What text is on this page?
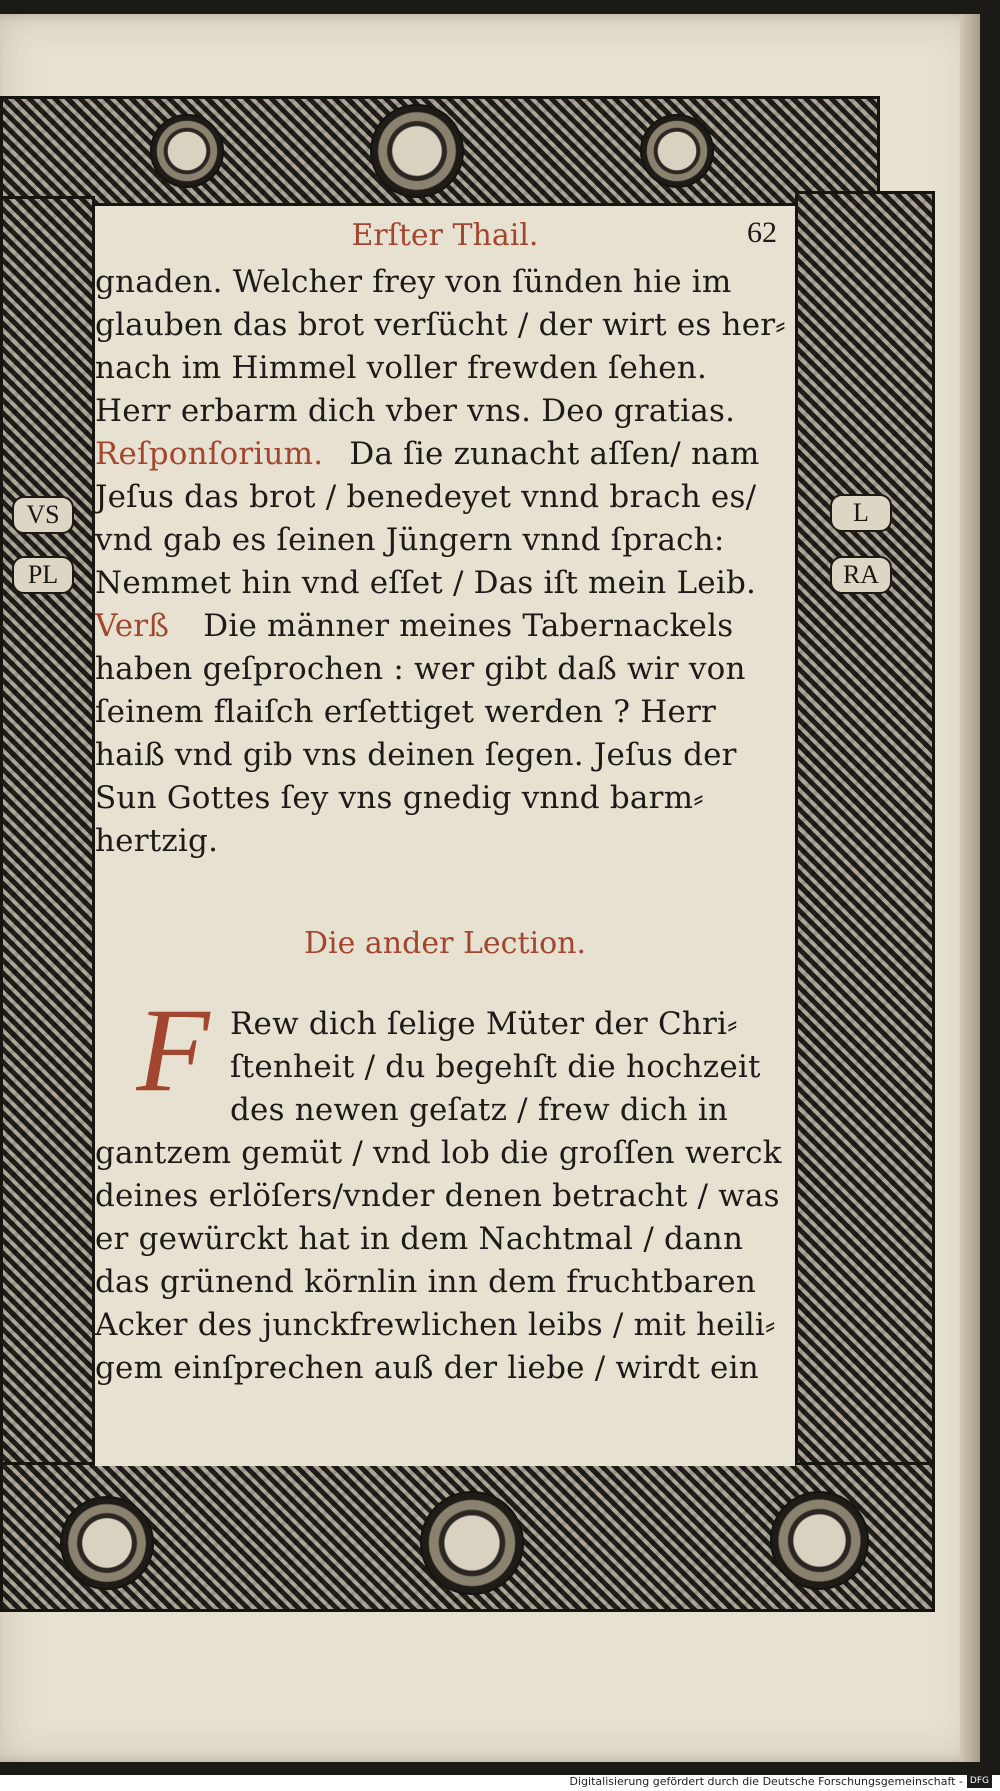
VS
PL
L
RA
Erſter Thail.	62
gnaden. Welcher frey von ſünden hie im
glauben das brot verſücht / der wirt es her⸗
nach im Himmel voller frewden ſehen.
Herr erbarm dich vber vns. Deo gratias.
Reſponſorium. Da ſie zunacht aſſen/ nam
Jeſus das brot / benedeyet vnnd brach es/
vnd gab es ſeinen Jüngern vnnd ſprach:
Nemmet hin vnd eſſet / Das iſt mein Leib.
Verß Die männer meines Tabernackels
haben geſprochen : wer gibt daß wir von
ſeinem flaiſch erſettiget werden ? Herr
haiß vnd gib vns deinen ſegen. Jeſus der
Sun Gottes ſey vns gnedig vnnd barm⸗
hertzig.
Die ander Lection.
F Rew dich ſelige Müter der Chri⸗
ſtenheit / du begehſt die hochzeit
des newen geſatz / frew dich in
gantzem gemüt / vnd lob die groſſen werck
deines erlöſers/vnder denen betracht / was
er gewürckt hat in dem Nachtmal / dann
das grünend körnlin inn dem fruchtbaren
Acker des junckfrewlichen leibs / mit heili⸗
gem einſprechen auß der liebe / wirdt ein
Digitalisierung gefördert durch die Deutsche Forschungsgemeinschaft - DFG
